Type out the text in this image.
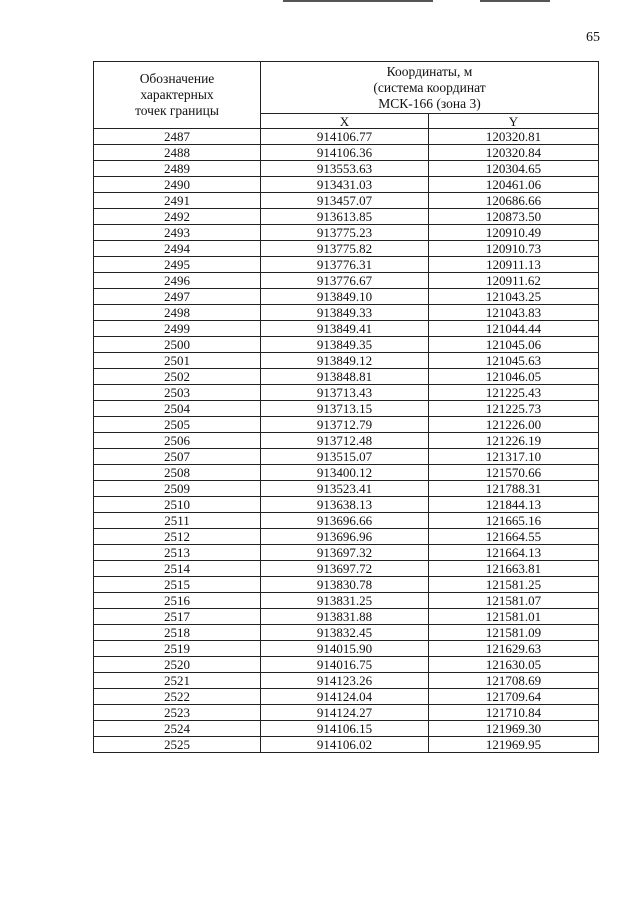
65
Обозначение
характерных
точек границы	Координаты, м
(система координат
МСК-166 (зона 3)	

	X	Y
2487	914106.77	120320.81
2488	914106.36	120320.84
2489	913553.63	120304.65
2490	913431.03	120461.06
2491	913457.07	120686.66
2492	913613.85	120873.50
2493	913775.23	120910.49
2494	913775.82	120910.73
2495	913776.31	120911.13
2496	913776.67	120911.62
2497	913849.10	121043.25
2498	913849.33	121043.83
2499	913849.41	121044.44
2500	913849.35	121045.06
2501	913849.12	121045.63
2502	913848.81	121046.05
2503	913713.43	121225.43
2504	913713.15	121225.73
2505	913712.79	121226.00
2506	913712.48	121226.19
2507	913515.07	121317.10
2508	913400.12	121570.66
2509	913523.41	121788.31
2510	913638.13	121844.13
2511	913696.66	121665.16
2512	913696.96	121664.55
2513	913697.32	121664.13
2514	913697.72	121663.81
2515	913830.78	121581.25
2516	913831.25	121581.07
2517	913831.88	121581.01
2518	913832.45	121581.09
2519	914015.90	121629.63
2520	914016.75	121630.05
2521	914123.26	121708.69
2522	914124.04	121709.64
2523	914124.27	121710.84
2524	914106.15	121969.30
2525	914106.02	121969.95
